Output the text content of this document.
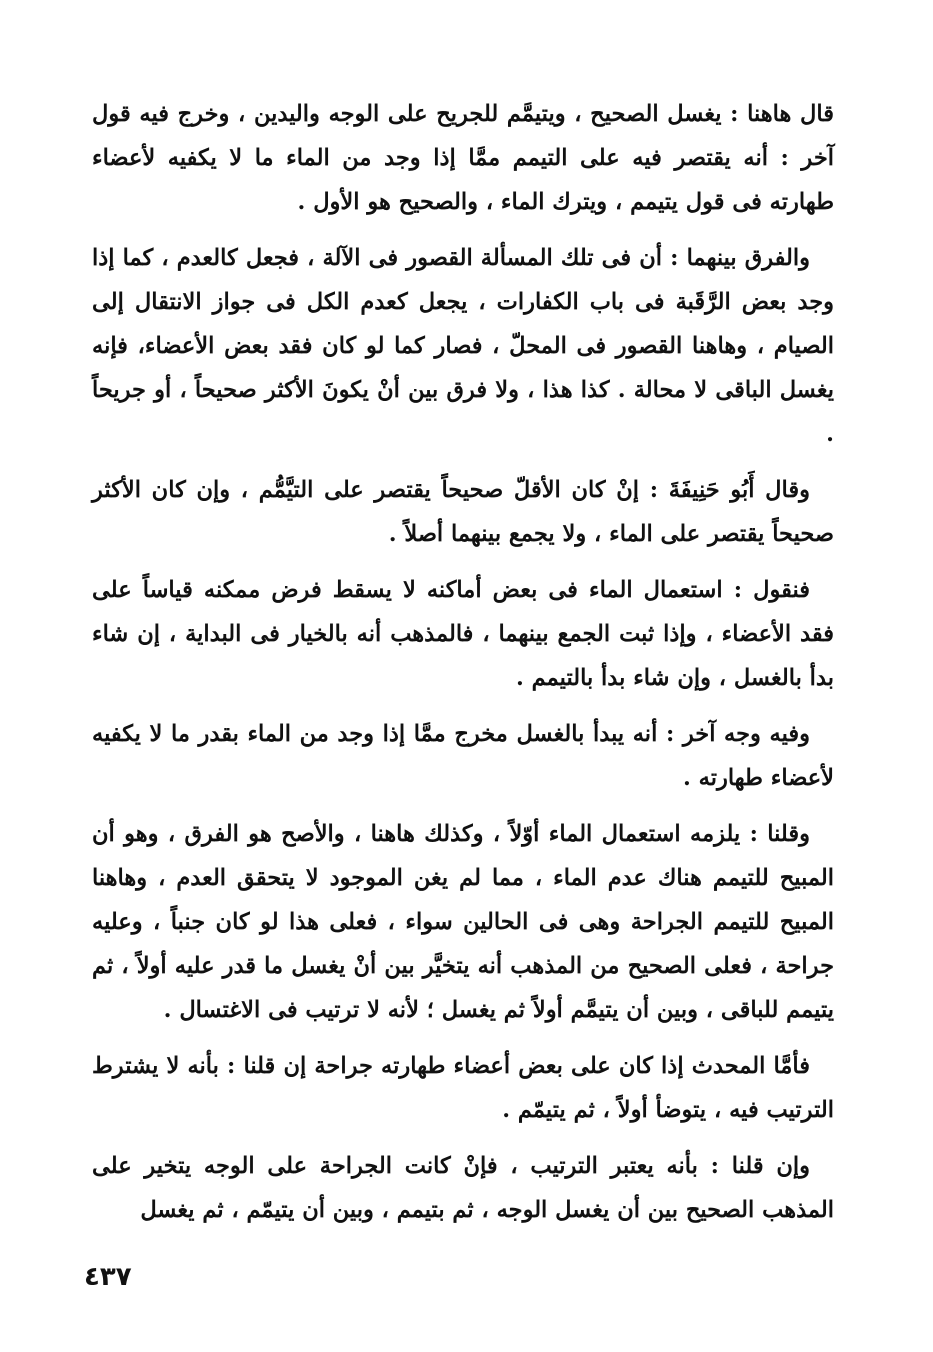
قال هاهنا : يغسل الصحيح ، ويتيمَّم للجريح على الوجه واليدين ، وخرج فيه قول آخر : أنه يقتصر فيه على التيمم ممَّا إذا وجد من الماء ما لا يكفيه لأعضاء طهارته فى قول يتيمم ، ويترك الماء ، والصحيح هو الأول .

والفرق بينهما : أن فى تلك المسألة القصور فى الآلة ، فجعل كالعدم ، كما إذا وجد بعض الرَّقَبة فى باب الكفارات ، يجعل كعدم الكل فى جواز الانتقال إلى الصيام ، وهاهنا القصور فى المحلّ ، فصار كما لو كان فقد بعض الأعضاء، فإنه يغسل الباقى لا محالة . كذا هذا ، ولا فرق بين أنْ يكونَ الأكثر صحيحاً ، أو جريحاً .

وقال أَبُو حَنِيفَةَ : إنْ كان الأقلّ صحيحاً يقتصر على التيَّمُّم ، وإن كان الأكثر صحيحاً يقتصر على الماء ، ولا يجمع بينهما أصلاً .

فنقول : استعمال الماء فى بعض أماكنه لا يسقط فرض ممكنه قياساً على فقد الأعضاء ، وإذا ثبت الجمع بينهما ، فالمذهب أنه بالخيار فى البداية ، إن شاء بدأ بالغسل ، وإن شاء بدأ بالتيمم .

وفيه وجه آخر : أنه يبدأ بالغسل مخرج ممَّا إذا وجد من الماء بقدر ما لا يكفيه لأعضاء طهارته .

وقلنا : يلزمه استعمال الماء أوّلاً ، وكذلك هاهنا ، والأصح هو الفرق ، وهو أن المبيح للتيمم هناك عدم الماء ، مما لم يغن الموجود لا يتحقق العدم ، وهاهنا المبيح للتيمم الجراحة وهى فى الحالين سواء ، فعلى هذا لو كان جنباً ، وعليه جراحة ، فعلى الصحيح من المذهب أنه يتخيَّر بين أنْ يغسل ما قدر عليه أولاً ، ثم يتيمم للباقى ، وبين أن يتيمَّم أولاً ثم يغسل ؛ لأنه لا ترتيب فى الاغتسال .

فأمَّا المحدث إذا كان على بعض أعضاء طهارته جراحة إن قلنا : بأنه لا يشترط الترتيب فيه ، يتوضأ أولاً ، ثم يتيمّم .

وإن قلنا : بأنه يعتبر الترتيب ، فإنْ كانت الجراحة على الوجه يتخير على المذهب الصحيح بين أن يغسل الوجه ، ثم بتيمم ، وبين أن يتيمّم ، ثم يغسل

٤٣٧
